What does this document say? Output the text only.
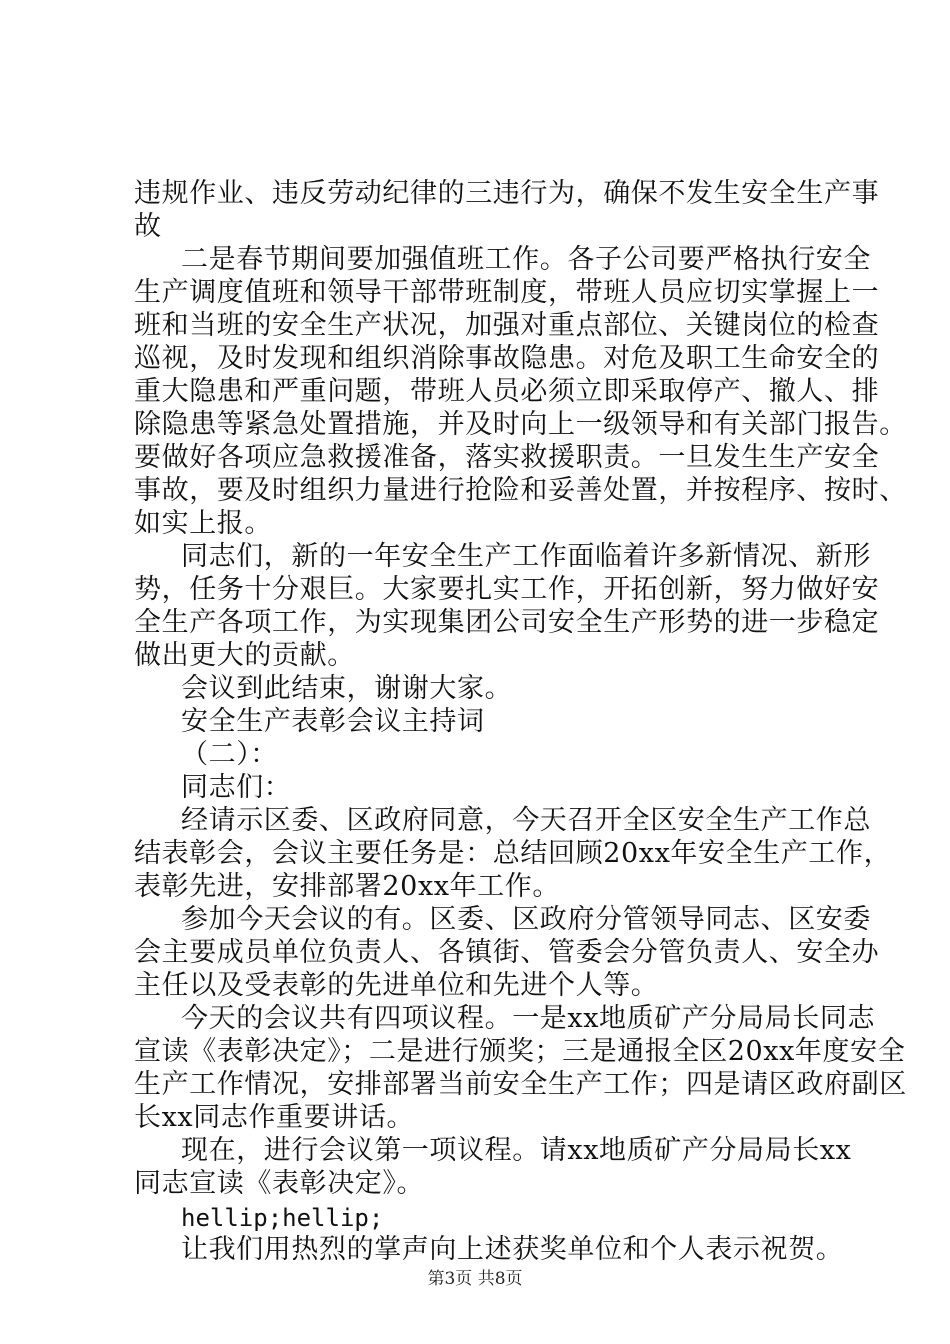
违规作业、违反劳动纪律的三违行为，确保不发生安全生产事
故
二是春节期间要加强值班工作。各子公司要严格执行安全
生产调度值班和领导干部带班制度，带班人员应切实掌握上一
班和当班的安全生产状况，加强对重点部位、关键岗位的检查
巡视，及时发现和组织消除事故隐患。对危及职工生命安全的
重大隐患和严重问题，带班人员必须立即采取停产、撤人、排
除隐患等紧急处置措施，并及时向上一级领导和有关部门报告。
要做好各项应急救援准备，落实救援职责。一旦发生生产安全
事故，要及时组织力量进行抢险和妥善处置，并按程序、按时、
如实上报。
同志们，新的一年安全生产工作面临着许多新情况、新形
势，任务十分艰巨。大家要扎实工作，开拓创新，努力做好安
全生产各项工作，为实现集团公司安全生产形势的进一步稳定
做出更大的贡献。
会议到此结束，谢谢大家。
安全生产表彰会议主持词
（二）：
同志们：
经请示区委、区政府同意，今天召开全区安全生产工作总
结表彰会，会议主要任务是：总结回顾20xx年安全生产工作，
表彰先进，安排部署20xx年工作。
参加今天会议的有。区委、区政府分管领导同志、区安委
会主要成员单位负责人、各镇街、管委会分管负责人、安全办
主任以及受表彰的先进单位和先进个人等。
今天的会议共有四项议程。一是xx地质矿产分局局长同志
宣读《表彰决定》；二是进行颁奖；三是通报全区20xx年度安全
生产工作情况，安排部署当前安全生产工作；四是请区政府副区
长xx同志作重要讲话。
现在，进行会议第一项议程。请xx地质矿产分局局长xx
同志宣读《表彰决定》。
hellip;hellip;
让我们用热烈的掌声向上述获奖单位和个人表示祝贺。
第3页 共8页
